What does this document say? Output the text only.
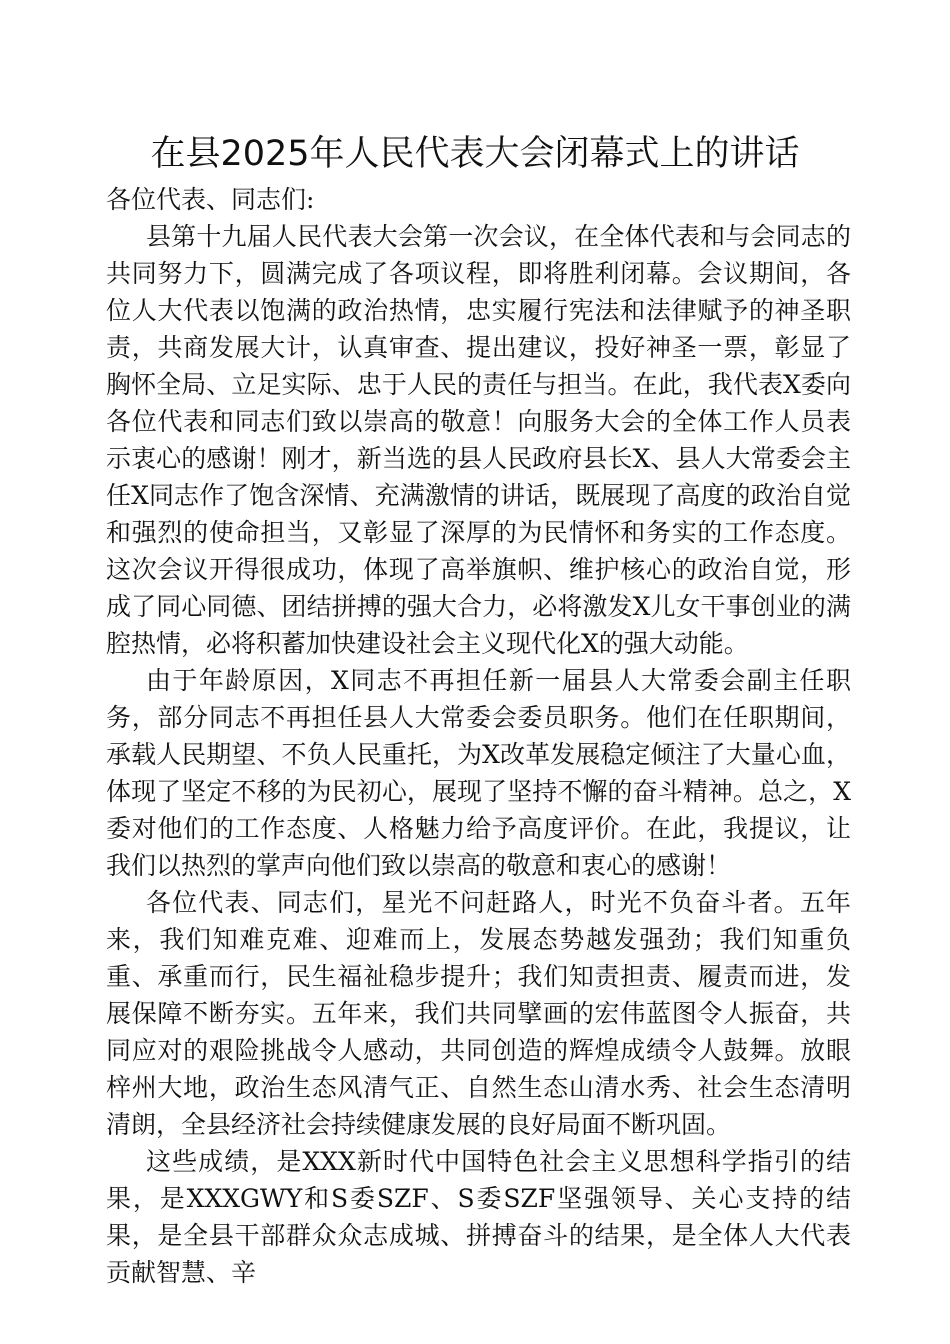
在县2025年人民代表大会闭幕式上的讲话

各位代表、同志们:

县第十九届人民代表大会第一次会议，在全体代表和与会同志的共同努力下，圆满完成了各项议程，即将胜利闭幕。会议期间，各位人大代表以饱满的政治热情，忠实履行宪法和法律赋予的神圣职责，共商发展大计，认真审查、提出建议，投好神圣一票，彰显了胸怀全局、立足实际、忠于人民的责任与担当。在此，我代表X委向各位代表和同志们致以崇高的敬意！向服务大会的全体工作人员表示衷心的感谢！刚才，新当选的县人民政府县长X、县人大常委会主任X同志作了饱含深情、充满激情的讲话，既展现了高度的政治自觉和强烈的使命担当，又彰显了深厚的为民情怀和务实的工作态度。这次会议开得很成功，体现了高举旗帜、维护核心的政治自觉，形成了同心同德、团结拼搏的强大合力，必将激发X儿女干事创业的满腔热情，必将积蓄加快建设社会主义现代化X的强大动能。

由于年龄原因，X同志不再担任新一届县人大常委会副主任职务，部分同志不再担任县人大常委会委员职务。他们在任职期间，承载人民期望、不负人民重托，为X改革发展稳定倾注了大量心血，体现了坚定不移的为民初心，展现了坚持不懈的奋斗精神。总之，X委对他们的工作态度、人格魅力给予高度评价。在此，我提议，让我们以热烈的掌声向他们致以崇高的敬意和衷心的感谢！

各位代表、同志们，星光不问赶路人，时光不负奋斗者。五年来，我们知难克难、迎难而上，发展态势越发强劲；我们知重负重、承重而行，民生福祉稳步提升；我们知责担责、履责而进，发展保障不断夯实。五年来，我们共同擘画的宏伟蓝图令人振奋，共同应对的艰险挑战令人感动，共同创造的辉煌成绩令人鼓舞。放眼梓州大地，政治生态风清气正、自然生态山清水秀、社会生态清明清朗，全县经济社会持续健康发展的良好局面不断巩固。

这些成绩，是XXX新时代中国特色社会主义思想科学指引的结果，是XXXGWY和S委SZF、S委SZF坚强领导、关心支持的结果，是全县干部群众众志成城、拼搏奋斗的结果，是全体人大代表贡献智慧、辛
